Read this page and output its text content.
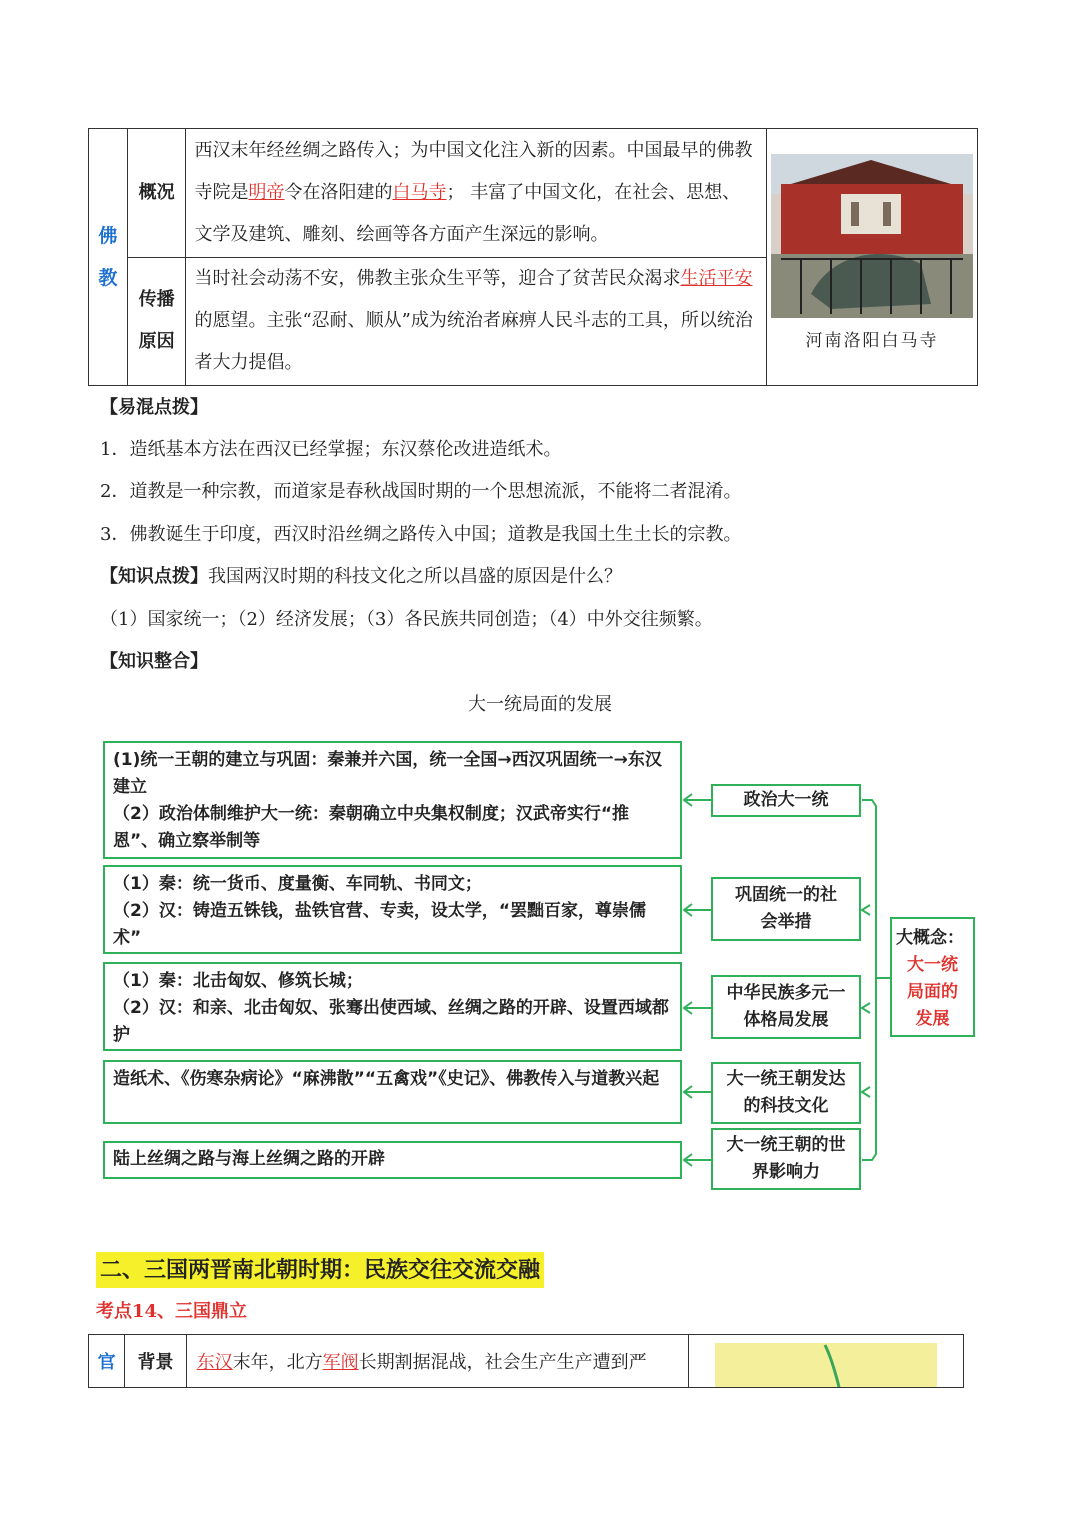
佛教	概况	西汉末年经丝绸之路传入；为中国文化注入新的因素。中国最早的佛教寺院是明帝令在洛阳建的白马寺； 丰富了中国文化，在社会、思想、文学及建筑、雕刻、绘画等各方面产生深远的影响。	河南洛阳白马寺

	传播原因	当时社会动荡不安，佛教主张众生平等，迎合了贫苦民众渴求生活平安的愿望。主张“忍耐、顺从”成为统治者麻痹人民斗志的工具，所以统治者大力提倡。	
【易混点拨】
1．造纸基本方法在西汉已经掌握；东汉蔡伦改进造纸术。
2．道教是一种宗教，而道家是春秋战国时期的一个思想流派，不能将二者混淆。
3．佛教诞生于印度，西汉时沿丝绸之路传入中国；道教是我国土生土长的宗教。
【知识点拨】我国两汉时期的科技文化之所以昌盛的原因是什么？
（1）国家统一；（2）经济发展；（3）各民族共同创造；（4）中外交往频繁。
【知识整合】
大一统局面的发展
(1)统一王朝的建立与巩固：秦兼并六国，统一全国→西汉巩固统一→东汉建立
（2）政治体制维护大一统：秦朝确立中央集权制度；汉武帝实行“推恩”、确立察举制等
（1）秦：统一货币、度量衡、车同轨、书同文；
（2）汉：铸造五铢钱，盐铁官营、专卖，设太学，“罢黜百家，尊崇儒术”
（1）秦：北击匈奴、修筑长城；
（2）汉：和亲、北击匈奴、张骞出使西域、丝绸之路的开辟、设置西域都护
造纸术、《伤寒杂病论》“麻沸散”“五禽戏”《史记》、佛教传入与道教兴起
陆上丝绸之路与海上丝绸之路的开辟
政治大一统
巩固统一的社会举措
中华民族多元一体格局发展
大一统王朝发达的科技文化
大一统王朝的世界影响力
大概念：
大一统局面的发展
二、三国两晋南北朝时期：民族交往交流交融
考点14、三国鼎立
官	背景	东汉末年，北方军阀长期割据混战，社会生产生产遭到严	
